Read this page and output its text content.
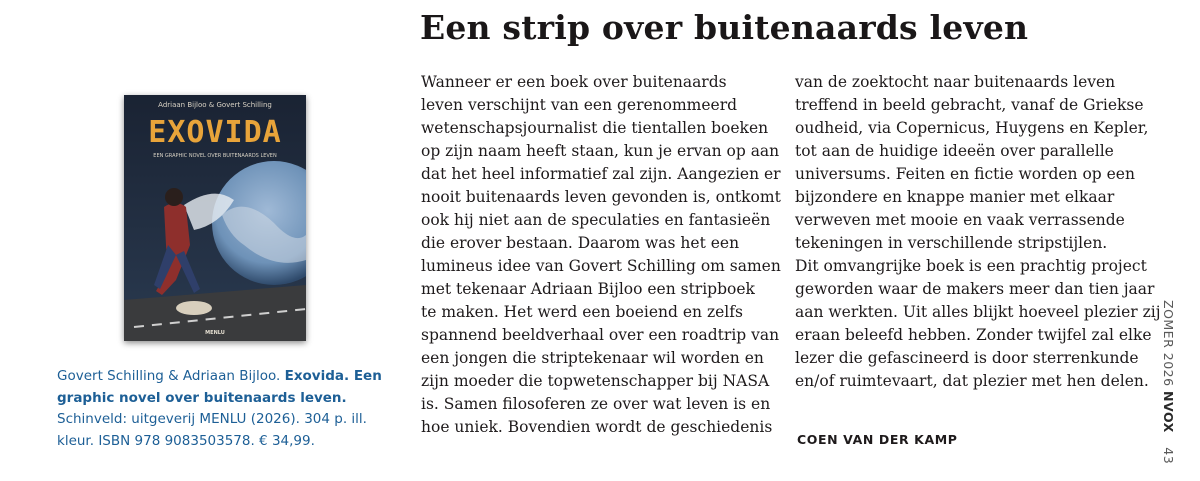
Een strip over buitenaards leven
Adriaan Bijloo & Govert Schilling
EXOVIDA
EEN GRAPHIC NOVEL OVER BUITENAARDS LEVEN
MENLU

Govert Schilling & Adriaan Bijloo. Exovida. Een graphic novel over buitenaards leven. Schinveld: uitgeverij MENLU (2026). 304 p. ill. kleur. ISBN 978 9083503578. € 34,99.

Wanneer er een boek over buitenaards
leven verschijnt van een gerenommeerd
wetenschapsjournalist die tientallen boeken
op zijn naam heeft staan, kun je ervan op aan
dat het heel informatief zal zijn. Aangezien er
nooit buitenaards leven gevonden is, ontkomt
ook hij niet aan de speculaties en fantasieën
die erover bestaan. Daarom was het een
lumineus idee van Govert Schilling om samen
met tekenaar Adriaan Bijloo een stripboek
te maken. Het werd een boeiend en zelfs
spannend beeldverhaal over een roadtrip van
een jongen die striptekenaar wil worden en
zijn moeder die topwetenschapper bij NASA
is. Samen filosoferen ze over wat leven is en
hoe uniek. Bovendien wordt de geschiedenis
van de zoektocht naar buitenaards leven
treffend in beeld gebracht, vanaf de Griekse
oudheid, via Copernicus, Huygens en Kepler,
tot aan de huidige ideeën over parallelle
universums. Feiten en fictie worden op een
bijzondere en knappe manier met elkaar
verweven met mooie en vaak verrassende
tekeningen in verschillende stripstijlen.
Dit omvangrijke boek is een prachtig project
geworden waar de makers meer dan tien jaar
aan werkten. Uit alles blijkt hoeveel plezier zij
eraan beleefd hebben. Zonder twijfel zal elke
lezer die gefascineerd is door sterrenkunde
en/of ruimtevaart, dat plezier met hen delen.
COEN VAN DER KAMP
ZOMER 2026 NVOX 43
